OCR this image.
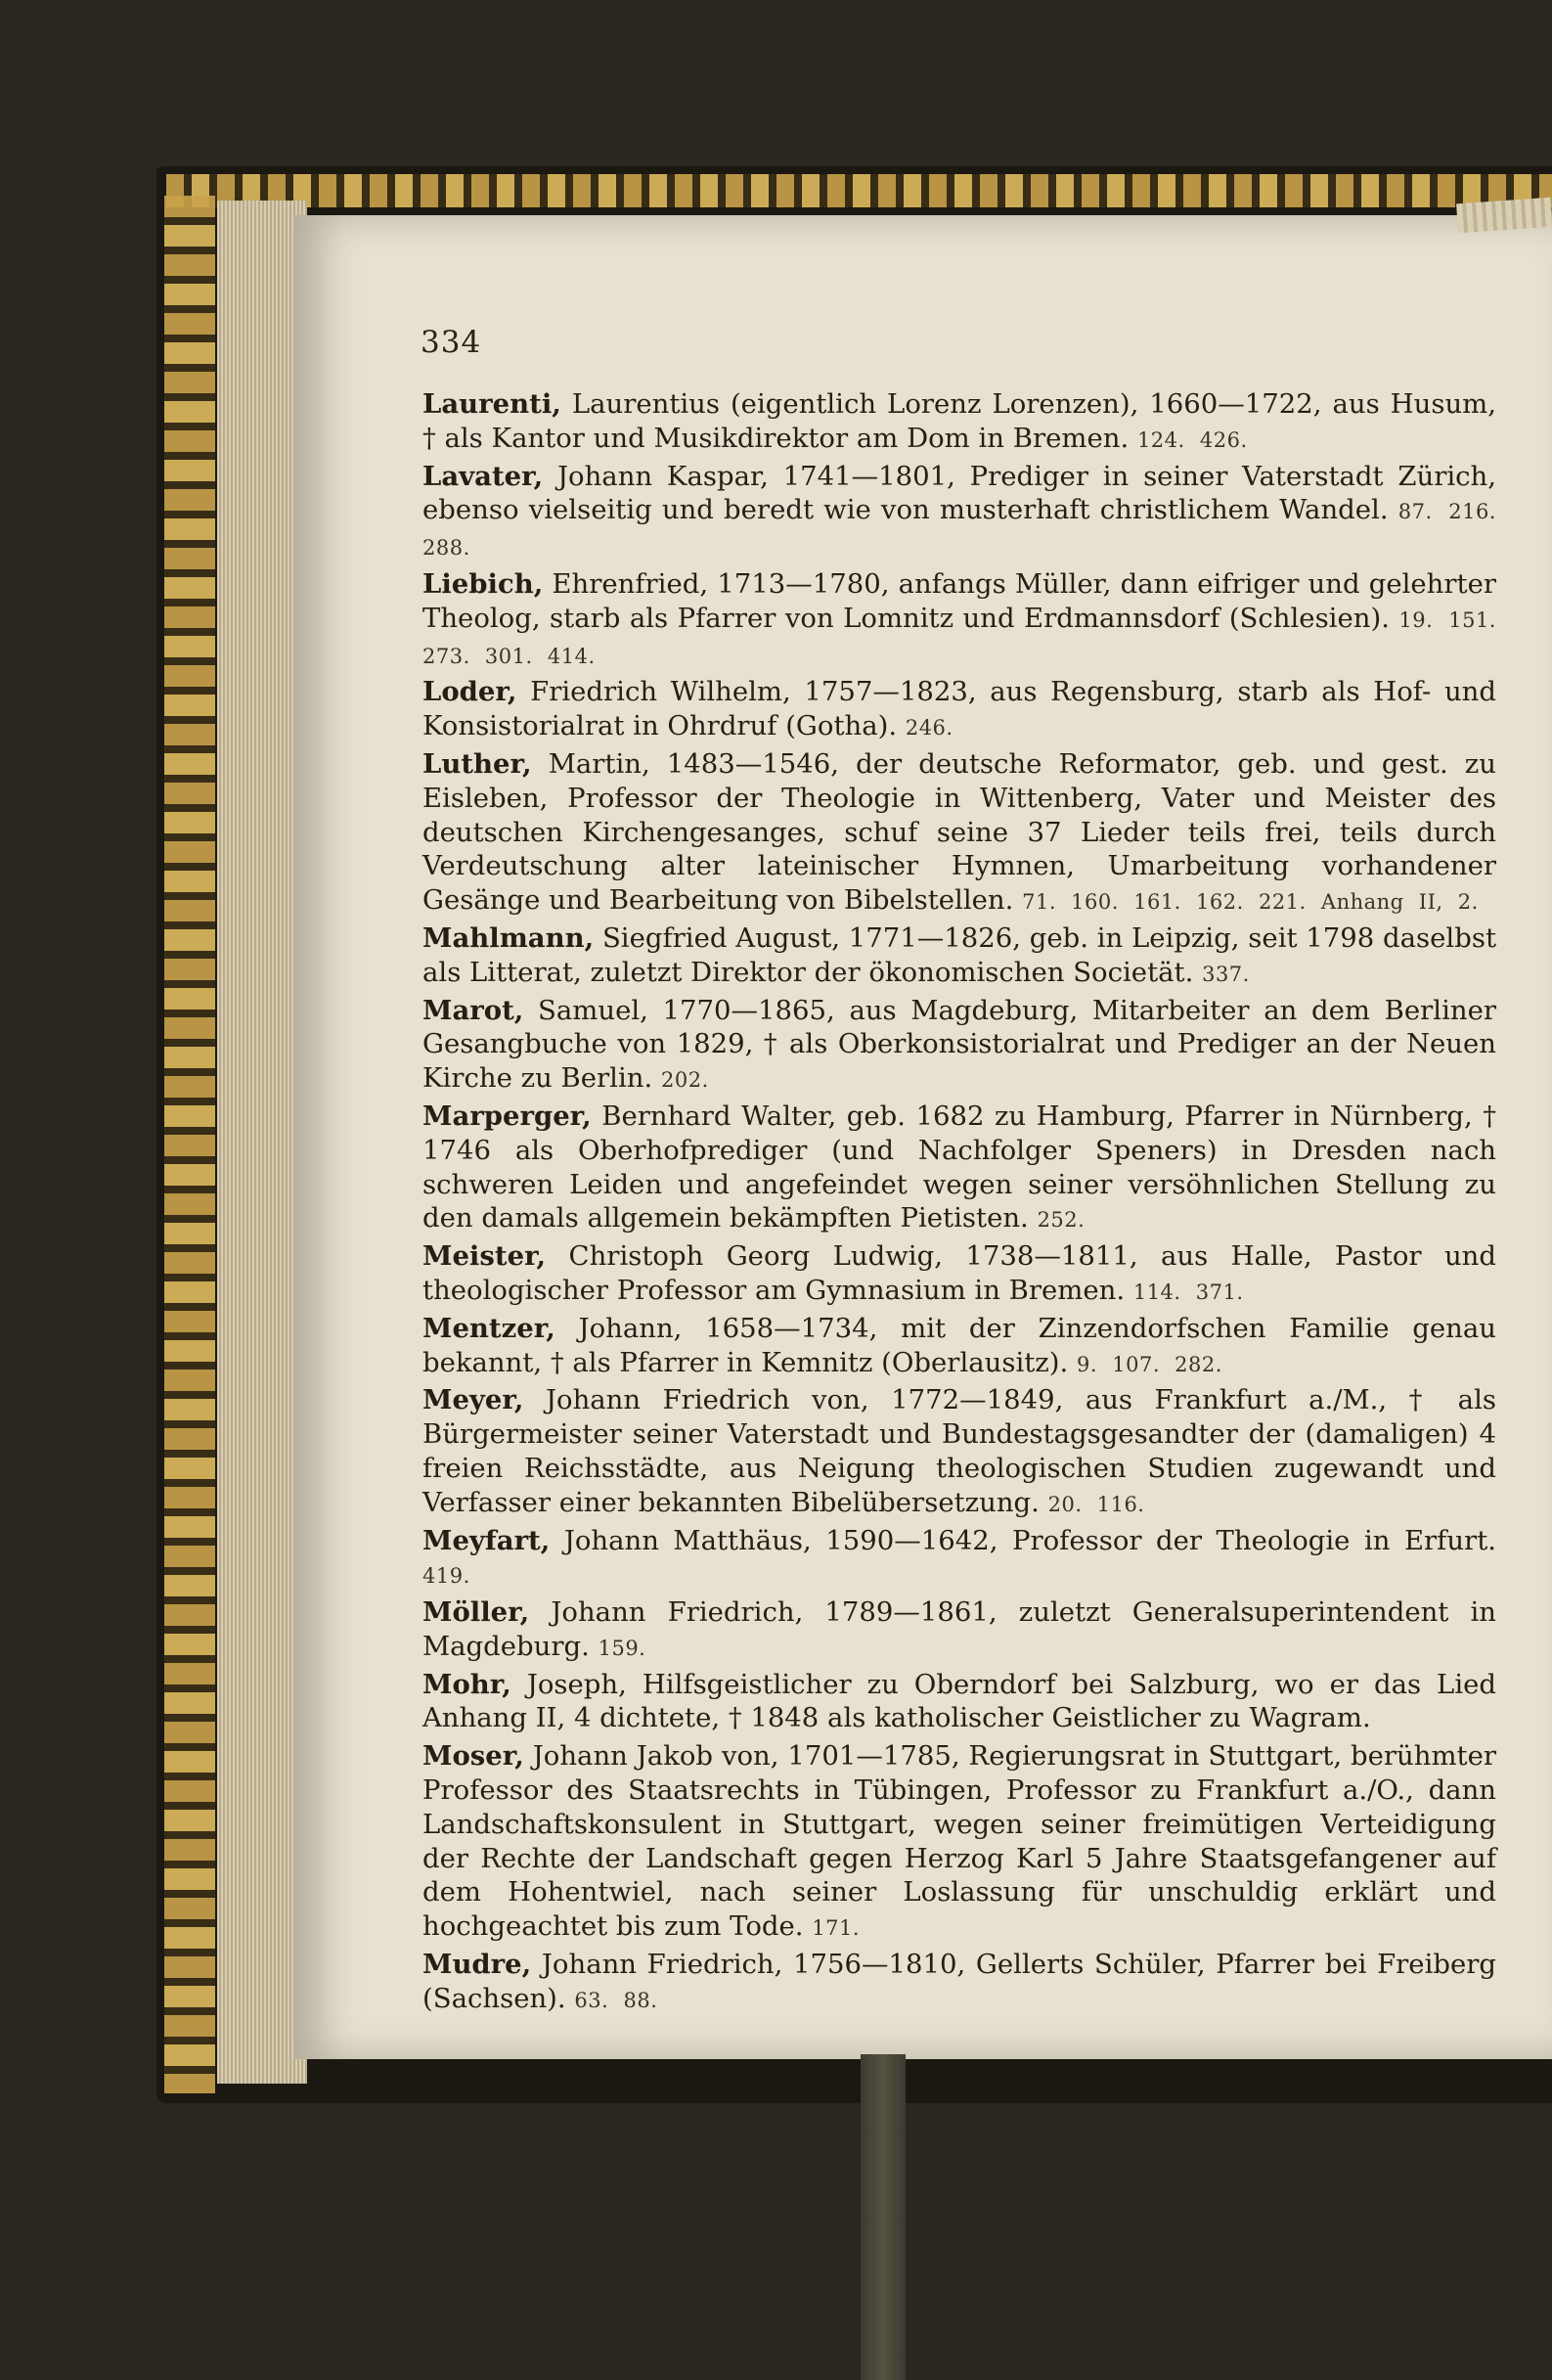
334

Laurenti, Laurentius (eigentlich Lorenz Lorenzen), 1660—1722, aus Husum, † als Kantor und Musikdirektor am Dom in Bremen. 124. 426.

Lavater, Johann Kaspar, 1741—1801, Prediger in seiner Vaterstadt Zürich, ebenso vielseitig und beredt wie von musterhaft christlichem Wandel. 87. 216. 288.

Liebich, Ehrenfried, 1713—1780, anfangs Müller, dann eifriger und gelehrter Theolog, starb als Pfarrer von Lomnitz und Erdmannsdorf (Schlesien). 19. 151. 273. 301. 414.

Loder, Friedrich Wilhelm, 1757—1823, aus Regensburg, starb als Hof- und Konsistorialrat in Ohrdruf (Gotha). 246.

Luther, Martin, 1483—1546, der deutsche Reformator, geb. und gest. zu Eisleben, Professor der Theologie in Wittenberg, Vater und Meister des deutschen Kirchengesanges, schuf seine 37 Lieder teils frei, teils durch Verdeutschung alter lateinischer Hymnen, Umarbeitung vorhandener Gesänge und Bearbeitung von Bibelstellen. 71. 160. 161. 162. 221. Anhang II, 2.

Mahlmann, Siegfried August, 1771—1826, geb. in Leipzig, seit 1798 daselbst als Litterat, zuletzt Direktor der ökonomischen Societät. 337.

Marot, Samuel, 1770—1865, aus Magdeburg, Mitarbeiter an dem Berliner Gesangbuche von 1829, † als Oberkonsistorialrat und Prediger an der Neuen Kirche zu Berlin. 202.

Marperger, Bernhard Walter, geb. 1682 zu Hamburg, Pfarrer in Nürnberg, † 1746 als Oberhofprediger (und Nachfolger Speners) in Dresden nach schweren Leiden und angefeindet wegen seiner versöhnlichen Stellung zu den damals allgemein bekämpften Pietisten. 252.

Meister, Christoph Georg Ludwig, 1738—1811, aus Halle, Pastor und theologischer Professor am Gymnasium in Bremen. 114. 371.

Mentzer, Johann, 1658—1734, mit der Zinzendorfschen Familie genau bekannt, † als Pfarrer in Kemnitz (Oberlausitz). 9. 107. 282.

Meyer, Johann Friedrich von, 1772—1849, aus Frankfurt a./M., † als Bürgermeister seiner Vaterstadt und Bundestagsgesandter der (damaligen) 4 freien Reichsstädte, aus Neigung theologischen Studien zugewandt und Verfasser einer bekannten Bibelübersetzung. 20. 116.

Meyfart, Johann Matthäus, 1590—1642, Professor der Theologie in Erfurt. 419.

Möller, Johann Friedrich, 1789—1861, zuletzt Generalsuperintendent in Magdeburg. 159.

Mohr, Joseph, Hilfsgeistlicher zu Oberndorf bei Salzburg, wo er das Lied Anhang II, 4 dichtete, † 1848 als katholischer Geistlicher zu Wagram.

Moser, Johann Jakob von, 1701—1785, Regierungsrat in Stuttgart, berühmter Professor des Staatsrechts in Tübingen, Professor zu Frankfurt a./O., dann Landschaftskonsulent in Stuttgart, wegen seiner freimütigen Verteidigung der Rechte der Landschaft gegen Herzog Karl 5 Jahre Staatsgefangener auf dem Hohentwiel, nach seiner Loslassung für unschuldig erklärt und hochgeachtet bis zum Tode. 171.

Mudre, Johann Friedrich, 1756—1810, Gellerts Schüler, Pfarrer bei Freiberg (Sachsen). 63. 88.
